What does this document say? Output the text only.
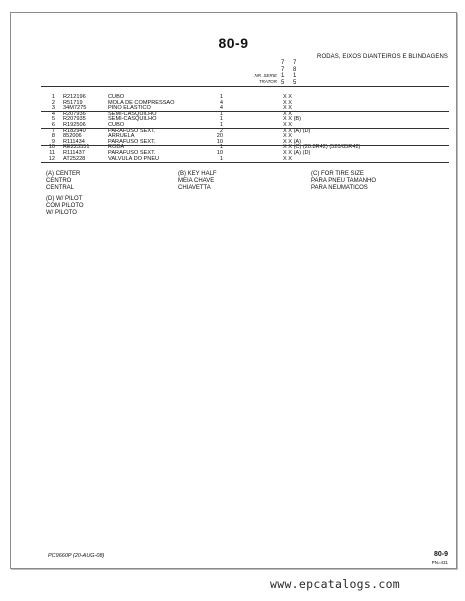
80-9
RODAS, EIXOS DIANTEIROS E BLINDAGENS
7 7
7 8
1 1
5 5
NR. SERIE
TRATOR
1 R212196	CUBO	1	X X
2 R51719	MOLA DE COMPRESSAO	4	X X
3 34M7275	PINO ELASTICO	4	X X
4 R207936	SEMI-CASQUILHO	1	X X
5 R207935	SEMI-CASQUILHO	1	X X (B)
6 R192506	CUBO	1	X X
7 R182940	PARAFUSO SEXT.	2	X X (A) (D)
8 852006	ARRUELA	20	X X
9 R111434	PARAFUSO SEXT.	10	X X (A)
10 RE223551	RODA	1	X X (C) (20.8R42) (520/85R42)
11 R111437	PARAFUSO SEXT.	10	X X (A) (D)
12 AT25228	VALVULA DO PNEU	1	X X
(A) CENTER
CENTRO
CENTRAL
(B) KEY HALF
MEIA CHAVE
CHIAVETTA
(C) FOR TIRE SIZE
PARA PNEU TAMANHO
PARA NEUMATICOS
(D) W/ PILOT
COM PILOTO
W/ PILOTO
PC9660P (20-AUG-08)	80-9
PN=431
www.epcatalogs.com
